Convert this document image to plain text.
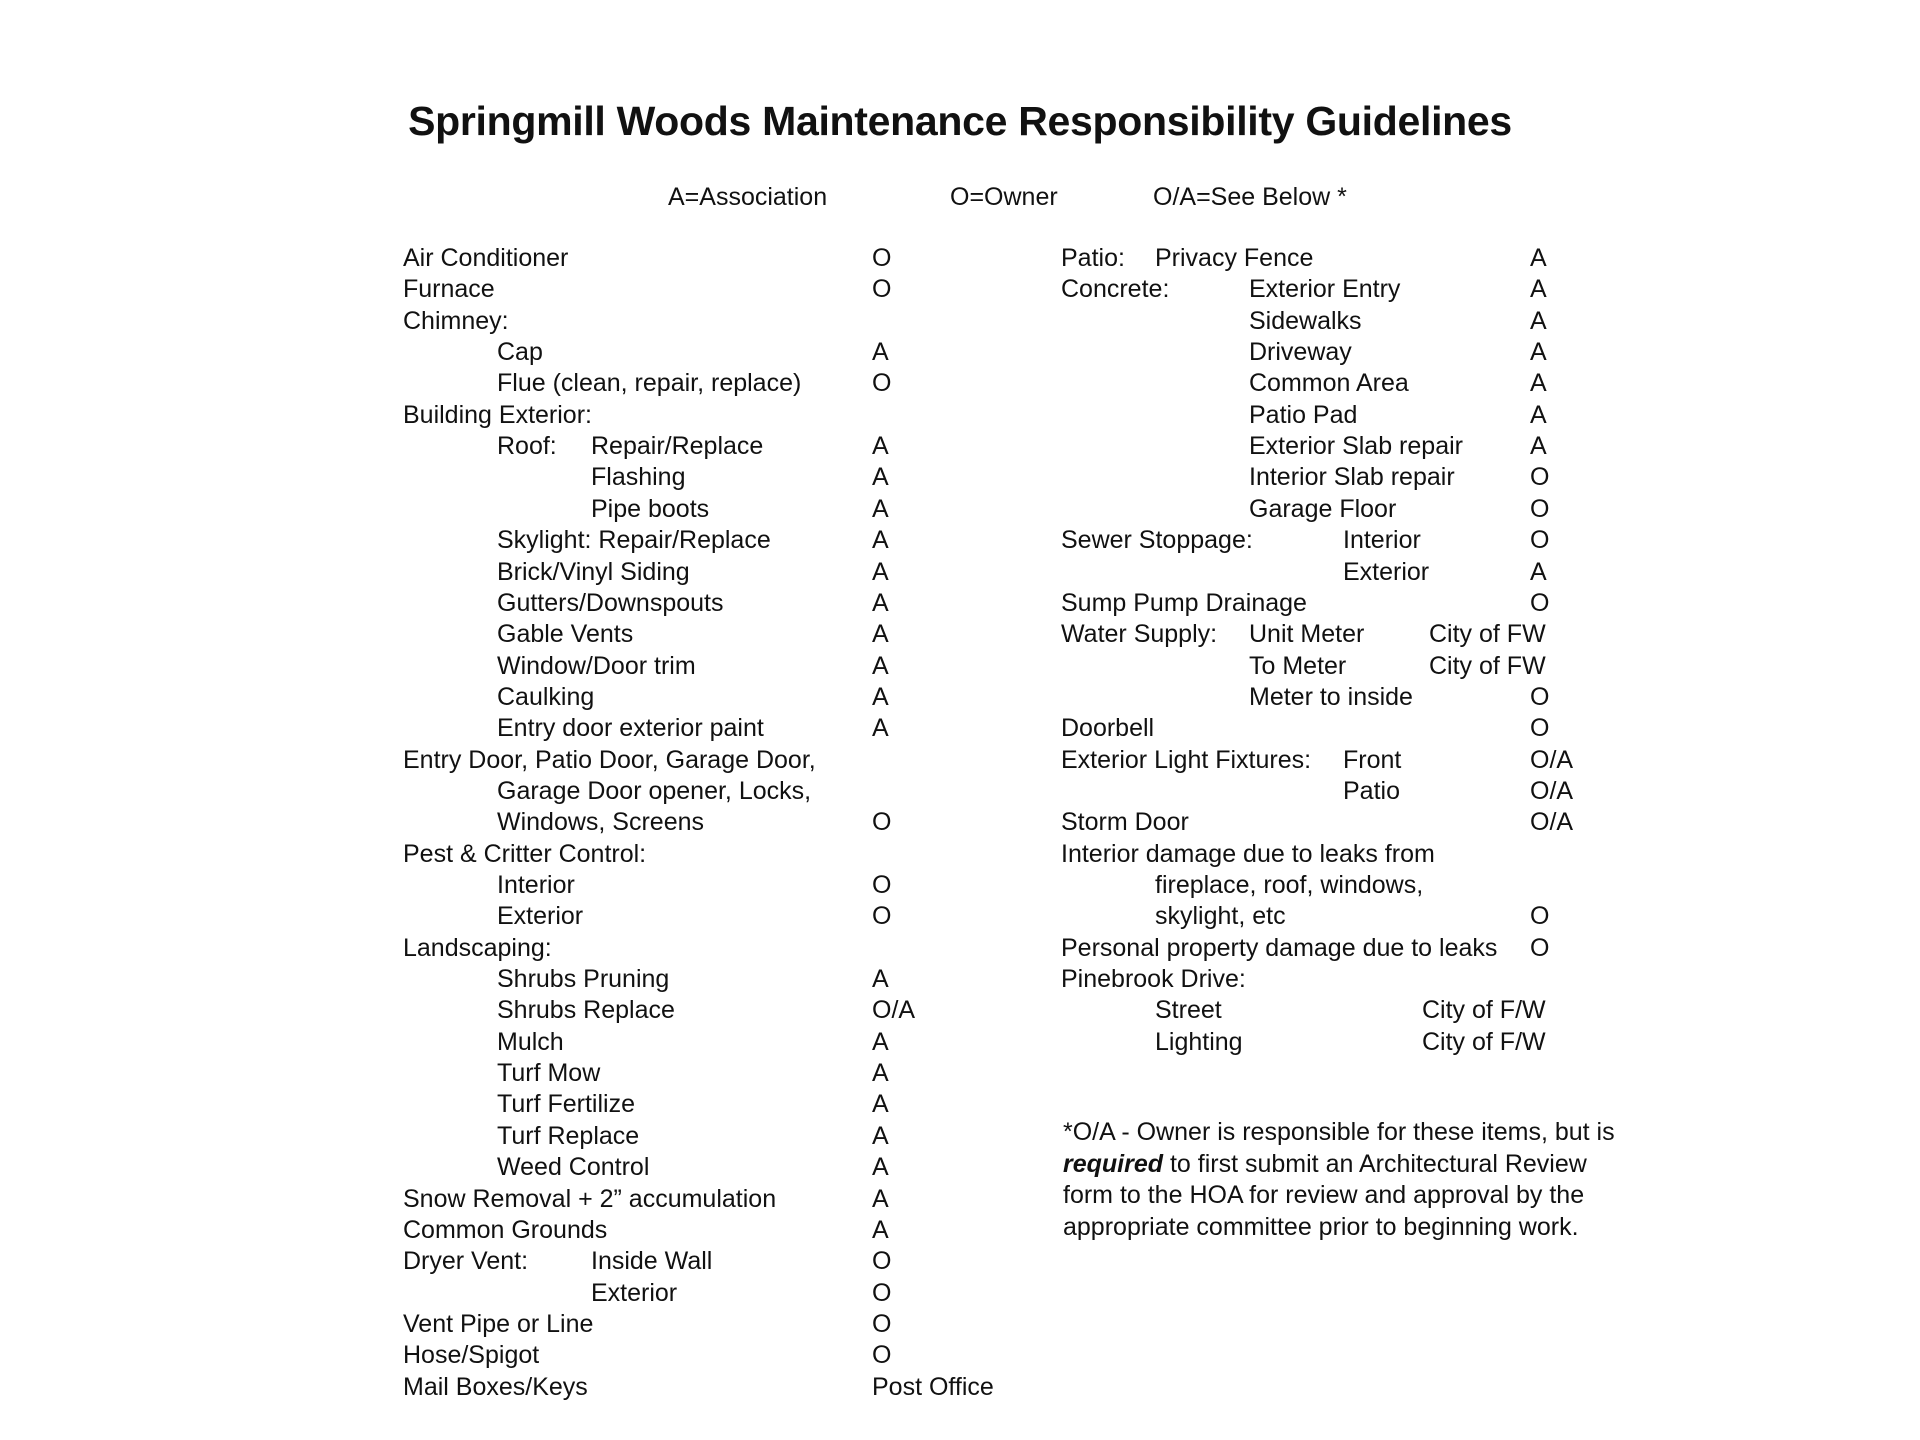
Springmill Woods Maintenance Responsibility Guidelines
A=Association	O=Owner	O/A=See Below *
Air Conditioner	O
Furnace	O
Chimney:
Cap	A
Flue (clean, repair, replace)	O
Building Exterior:
Roof: Repair/Replace	A
Flashing	A
Pipe boots	A
Skylight: Repair/Replace	A
Brick/Vinyl Siding	A
Gutters/Downspouts	A
Gable Vents	A
Window/Door trim	A
Caulking	A
Entry door exterior paint	A
Entry Door, Patio Door, Garage Door,
Garage Door opener, Locks,
Windows, Screens	O
Pest & Critter Control:
Interior	O
Exterior	O
Landscaping:
Shrubs Pruning	A
Shrubs Replace	O/A
Mulch	A
Turf Mow	A
Turf Fertilize	A
Turf Replace	A
Weed Control	A
Snow Removal + 2” accumulation	A
Common Grounds	A
Dryer Vent:	Inside Wall	O
Exterior	O
Vent Pipe or Line	O
Hose/Spigot	O
Mail Boxes/Keys	Post Office
Patio: Privacy Fence	A
Concrete:	Exterior Entry	A
Sidewalks	A
Driveway	A
Common Area	A
Patio Pad	A
Exterior Slab repair	A
Interior Slab repair	O
Garage Floor	O
Sewer Stoppage:	Interior	O
Exterior	A
Sump Pump Drainage	O
Water Supply: Unit Meter	City of FW
To Meter	City of FW
Meter to inside	O
Doorbell	O
Exterior Light Fixtures: Front	O/A
Patio	O/A
Storm Door	O/A
Interior damage due to leaks from
fireplace, roof, windows,
skylight, etc	O
Personal property damage due to leaks O
Pinebrook Drive:
Street	City of F/W
Lighting	City of F/W
*O/A - Owner is responsible for these items, but is required to first submit an Architectural Review form to the HOA for review and approval by the appropriate committee prior to beginning work.
